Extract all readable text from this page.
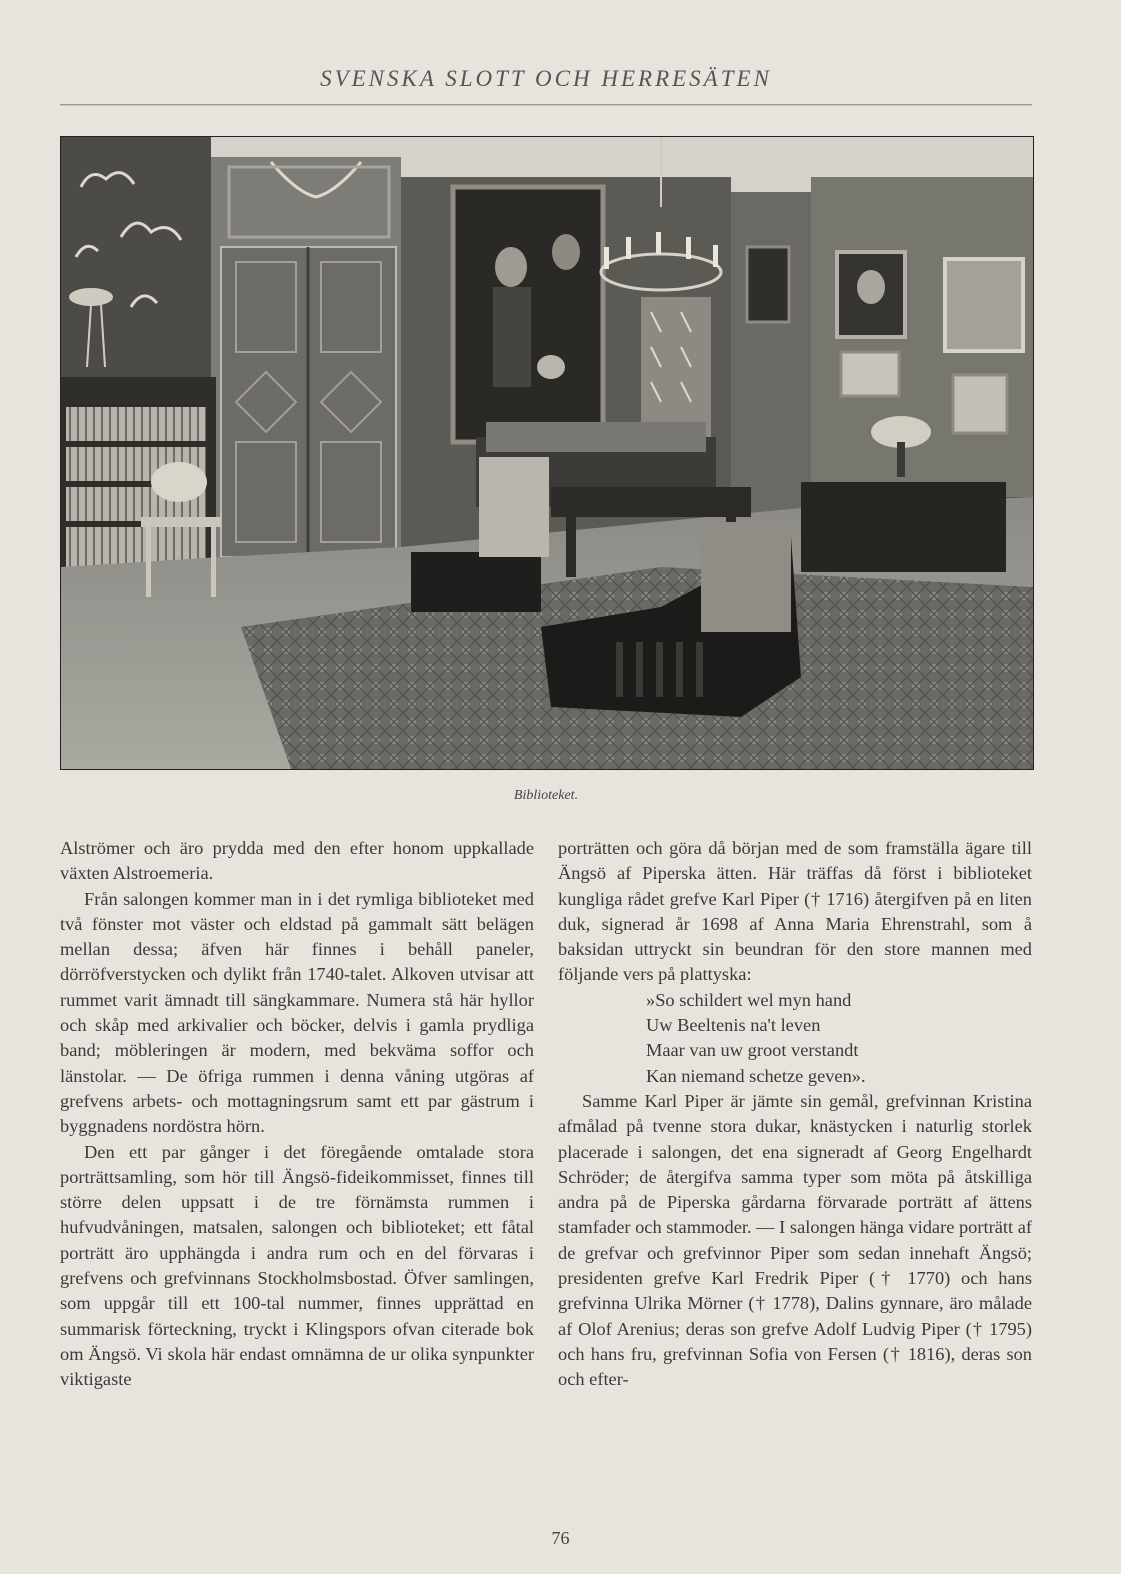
SVENSKA SLOTT OCH HERRESÄTEN
Biblioteket.

Alströmer och äro prydda med den efter honom uppkallade växten Alstroemeria.

Från salongen kommer man in i det rymliga biblioteket med två fönster mot väster och eldstad på gammalt sätt belägen mellan dessa; äfven här finnes i behåll paneler, dörröfverstycken och dylikt från 1740-talet. Alkoven utvisar att rummet varit ämnadt till sängkammare. Numera stå här hyllor och skåp med arkivalier och böcker, delvis i gamla prydliga band; möbleringen är modern, med bekväma soffor och länstolar. — De öfriga rummen i denna våning utgöras af grefvens arbets- och mottagningsrum samt ett par gästrum i byggnadens nordöstra hörn.

Den ett par gånger i det föregående omtalade stora porträttsamling, som hör till Ängsö-fideikommisset, finnes till större delen uppsatt i de tre förnämsta rummen i hufvudvåningen, matsalen, salongen och biblioteket; ett fåtal porträtt äro upphängda i andra rum och en del förvaras i grefvens och grefvinnans Stockholmsbostad. Öfver samlingen, som uppgår till ett 100-tal nummer, finnes upprättad en summarisk förteckning, tryckt i Klingspors ofvan citerade bok om Ängsö. Vi skola här endast omnämna de ur olika synpunkter viktigaste

porträtten och göra då början med de som framställa ägare till Ängsö af Piperska ätten. Här träffas då först i biblioteket kungliga rådet grefve Karl Piper († 1716) återgifven på en liten duk, signerad år 1698 af Anna Maria Ehrenstrahl, som å baksidan uttryckt sin beundran för den store mannen med följande vers på plattyska:

»So schildert wel myn hand
Uw Beeltenis na't leven
Maar van uw groot verstandt
Kan niemand schetze geven».

Samme Karl Piper är jämte sin gemål, grefvinnan Kristina afmålad på tvenne stora dukar, knästycken i naturlig storlek placerade i salongen, det ena signeradt af Georg Engelhardt Schröder; de återgifva samma typer som möta på åtskilliga andra på de Piperska gårdarna förvarade porträtt af ättens stamfader och stammoder. — I salongen hänga vidare porträtt af de grefvar och grefvinnor Piper som sedan innehaft Ängsö; presidenten grefve Karl Fredrik Piper († 1770) och hans grefvinna Ulrika Mörner († 1778), Dalins gynnare, äro målade af Olof Arenius; deras son grefve Adolf Ludvig Piper († 1795) och hans fru, grefvinnan Sofia von Fersen († 1816), deras son och efter-

76
